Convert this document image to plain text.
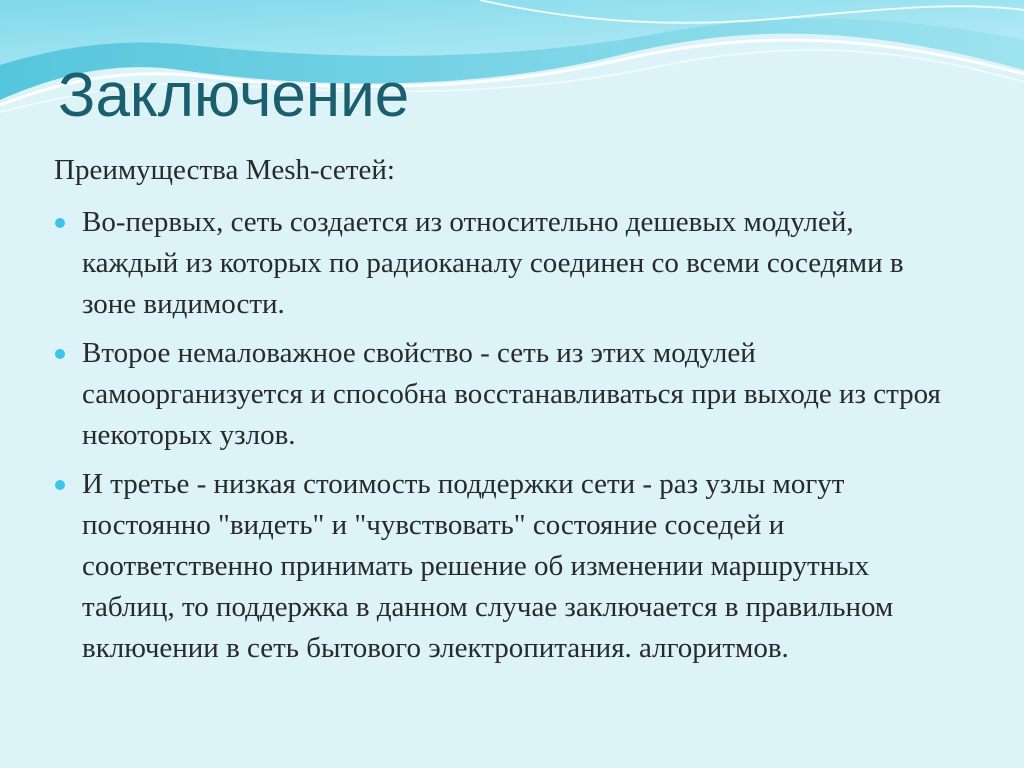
Заключение

Преимущества Mesh-сетей:

Во-первых, сеть создается из относительно дешевых модулей, каждый из которых по радиоканалу соединен со всеми соседями в зоне видимости.
Второе немаловажное свойство - сеть из этих модулей самоорганизуется и способна восстанавливаться при выходе из строя некоторых узлов.
И третье - низкая стоимость поддержки сети - раз узлы могут постоянно "видеть" и "чувствовать" состояние соседей и соответственно принимать решение об изменении маршрутных таблиц, то поддержка в данном случае заключается в правильном включении в сеть бытового электропитания. алгоритмов.
